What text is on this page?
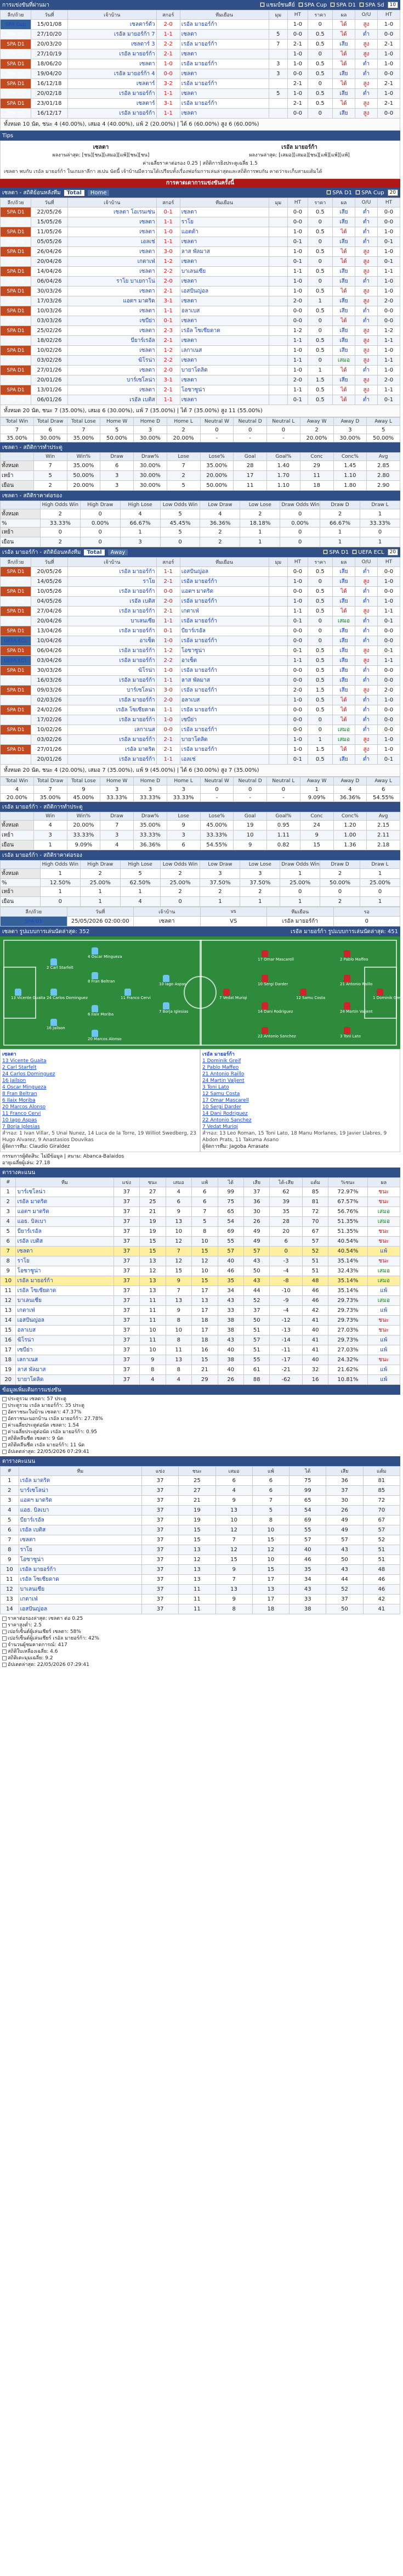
การแข่งขันที่ผ่านมา	แชมป์ชนคีย์	SPA Cup	SPA D1	SPA Sd	10
ลีก/ถ้วย	วันที่	เจ้าบ้าน	สกอร์	ทีมเยือน	มุม	HT	ราคา	ผล	O/U	HT
SPA Cup	15/01/08	เซลตาร์ตัว	2-0	เรอัล มายอร์ก้า		1-0	0	ได้	สูง	1-0
SPA D1	27/10/20	เรอัล มายอร์ก้า 7	1-1	เซลตา	5	0-0	0.5	ได้	ต่ำ	0-0
SPA D1	20/03/20	เซลตาร์ 3	2-2	เรอัล มายอร์ก้า	7	2-1	0.5	เสีย	สูง	2-1
SPA D1	27/10/19	เรอัล มายอร์ก้า	2-1	เซลตา		1-0	0	ได้	สูง	1-0
SPA D1	18/06/20	เซลตา	1-0	เรอัล มายอร์ก้า	3	1-0	0.5	ได้	ต่ำ	1-0
SPA D1	19/04/20	เรอัล มายอร์ก้า 4	0-0	เซลตา	3	0-0	0.5	เสีย	ต่ำ	0-0
SPA D1	16/12/18	เซลตาร์	3-2	เรอัล มายอร์ก้า		2-1	0	ได้	สูง	2-1
SPA D1	20/02/18	เรอัล มายอร์ก้า	1-1	เซลตา	5	1-0	0.5	เสีย	ต่ำ	1-0
SPA D1	23/01/18	เซลตาร์	3-1	เรอัล มายอร์ก้า		2-1	0.5	ได้	สูง	2-1
SPA D1	16/12/17	เรอัล มายอร์ก้า	1-1	เซลตา		0-0	0	เสีย	สูง	0-0
ทั้งหมด 10 นัด, ชนะ 4 (40.00%), เสมอ 4 (40.00%), แพ้ 2 (20.00%) | ได้ 6 (60.00%) สูง 6 (60.00%)
Tips
เซลตา
ผลงานล่าสุด: [ชน][ชน][เสมอ][แพ้][ชน][ชน]
เรอัล มายอร์ก้า
ผลงานล่าสุด: [เสมอ][เสมอ][ชน][แพ้][แพ้][แพ้]
ค่าเฉลี่ยราคาต่อรอง 0.25 | สถิติการยิงประตูเฉลี่ย 1.5
เซลตา พบกับ เรอัล มายอร์ก้า ในเกมลาลีกา สเปน นัดนี้ เจ้าบ้านมีความได้เปรียบทั้งเรื่องฟอร์มการเล่นล่าสุดและสถิติการพบกัน คาดว่าจะเก็บสามแต้มได้
การคาดเดาการแข่งขันครั้งนี้
เซลตา - สถิติย้อนหลังทีม	Total	Home	SPA D1	SPA Cup	20
ลีก/ถ้วย	วันที่	เจ้าบ้าน	สกอร์	ทีมเยือน	มุม	HT	ราคา	ผล	O/U	HT
SPA D1	22/05/26	เซลตา โอเรนเซ่น	0-1	เซลตา		0-0	0.5	เสีย	ต่ำ	0-0
SPA D1	15/05/26	เซลตา	1-1	ราโย		0-0	0	เสีย	ต่ำ	0-0
SPA D1	11/05/26	เซลตา	1-0	แอตต้า		1-0	0.5	ได้	ต่ำ	1-0
SPA D1	05/05/26	เอลเช่	1-1	เซลตา		0-1	0	เสีย	ต่ำ	0-1
SPA D1	26/04/26	เซลตา	3-0	ลาส พัลมาส		1-0	0.5	ได้	สูง	1-0
SPA D1	20/04/26	เกตาเฟ่	1-2	เซลตา		0-1	0	ได้	สูง	0-1
SPA D1	14/04/26	เซลตา	2-2	บาเลนเซีย		1-1	0.5	เสีย	สูง	1-1
SPA D1	06/04/26	ราโย บาเยกาโน่	2-0	เซลตา		1-0	0	เสีย	ต่ำ	1-0
SPA D1	30/03/26	เซลตา	2-1	เอสปันญ่อล		1-0	0.5	ได้	สูง	1-0
SPA D1	17/03/26	แอตฯ มาดริด	3-1	เซลตา		2-0	1	เสีย	สูง	2-0
SPA D1	10/03/26	เซลตา	1-1	อลาเบส		0-0	0.5	เสีย	ต่ำ	0-0
SPA D1	03/03/26	เซบีย่า	0-1	เซลตา		0-0	0	ได้	ต่ำ	0-0
SPA D1	25/02/26	เซลตา	2-3	เรอัล โซเซียดาด		1-2	0	เสีย	สูง	1-2
SPA D1	18/02/26	บียาร์เรอัล	2-1	เซลตา		1-1	0.5	เสีย	สูง	1-1
SPA D1	10/02/26	เซลตา	1-2	เลกาเนส		1-0	0.5	เสีย	สูง	1-0
SPA D1	03/02/26	ฆิโรน่า	2-2	เซลตา		1-1	0	เสมอ	สูง	1-1
SPA D1	27/01/26	เซลตา	2-0	บายาโดลิด		1-0	1	ได้	ต่ำ	1-0
SPA D1	20/01/26	บาร์เซโลน่า	3-1	เซลตา		2-0	1.5	เสีย	สูง	2-0
SPA D1	13/01/26	เซลตา	2-1	โอซาซูน่า		1-1	0.5	ได้	สูง	1-1
SPA D1	06/01/26	เรอัล เบติส	1-1	เซลตา		0-1	0.5	ได้	ต่ำ	0-1
ทั้งหมด 20 นัด, ชนะ 7 (35.00%), เสมอ 6 (30.00%), แพ้ 7 (35.00%) | ได้ 7 (35.00%) สูง 11 (55.00%)
Total Win	Total Draw	Total Lose	Home W	Home D	Home L	Neutral W	Neutral D	Neutral L	Away W	Away D	Away L
7	6	7	5	3	2	0	0	0	2	3	5
35.00%	30.00%	35.00%	50.00%	30.00%	20.00%	-	-	-	20.00%	30.00%	50.00%
เซลตา - สถิติการทำประตู
	Win	Win%	Draw	Draw%	Lose	Lose%	Goal	Goal%	Conc	Conc%	Avg
ทั้งหมด	7	35.00%	6	30.00%	7	35.00%	28	1.40	29	1.45	2.85
เหย้า	5	50.00%	3	30.00%	2	20.00%	17	1.70	11	1.10	2.80
เยือน	2	20.00%	3	30.00%	5	50.00%	11	1.10	18	1.80	2.90
เซลตา - สถิติราคาต่อรอง
	High Odds Win	High Draw	High Lose	Low Odds Win	Low Draw	Low Lose	Draw Odds Win	Draw D	Draw L
ทั้งหมด	2	0	4	5	4	2	0	2	1
%	33.33%	0.00%	66.67%	45.45%	36.36%	18.18%	0.00%	66.67%	33.33%
เหย้า	0	0	1	5	2	1	0	1	0
เยือน	2	0	3	0	2	1	0	1	1
เรอัล มายอร์ก้า - สถิติย้อนหลังทีม	Total	Away	SPA D1	UEFA ECL	20
ลีก/ถ้วย	วันที่	เจ้าบ้าน	สกอร์	ทีมเยือน	มุม	HT	ราคา	ผล	O/U	HT
SPA D1	20/05/26	เรอัล มายอร์ก้า	1-1	เอสปันญ่อล		0-0	0.5	เสีย	ต่ำ	0-0
SPA D1	14/05/26	ราโย	2-1	เรอัล มายอร์ก้า		1-0	0	เสีย	สูง	1-0
SPA D1	10/05/26	เรอัล มายอร์ก้า	0-0	แอตฯ มาดริด		0-0	0.5	ได้	ต่ำ	0-0
SPA D1	04/05/26	เรอัล เบติส	2-0	เรอัล มายอร์ก้า		1-0	0.5	เสีย	ต่ำ	1-0
SPA D1	27/04/26	เรอัล มายอร์ก้า	2-1	เกตาเฟ่		1-1	0.5	ได้	สูง	1-1
SPA D1	20/04/26	บาเลนเซีย	1-1	เรอัล มายอร์ก้า		0-1	0	เสมอ	ต่ำ	0-1
SPA D1	13/04/26	เรอัล มายอร์ก้า	0-1	บียาร์เรอัล		0-0	0	เสีย	ต่ำ	0-0
UEFA ECL	10/04/26	อาเซ็ด	1-0	เรอัล มายอร์ก้า		0-0	0	เสีย	ต่ำ	0-0
SPA D1	06/04/26	เรอัล มายอร์ก้า	1-2	โอซาซูน่า		0-1	0.5	เสีย	สูง	0-1
UEFA ECL	03/04/26	เรอัล มายอร์ก้า	2-2	อาเซ็ด		1-1	0.5	เสีย	สูง	1-1
SPA D1	30/03/26	ฆิโรน่า	1-0	เรอัล มายอร์ก้า		0-0	0.5	เสีย	ต่ำ	0-0
SPA D1	16/03/26	เรอัล มายอร์ก้า	1-1	ลาส พัลมาส		0-0	0.5	เสีย	ต่ำ	0-0
SPA D1	09/03/26	บาร์เซโลน่า	3-0	เรอัล มายอร์ก้า		2-0	1.5	เสีย	สูง	2-0
SPA D1	02/03/26	เรอัล มายอร์ก้า	2-0	อลาเบส		1-0	0.5	ได้	ต่ำ	1-0
SPA D1	24/02/26	เรอัล โซเซียดาด	1-1	เรอัล มายอร์ก้า		0-0	0.5	ได้	ต่ำ	0-0
SPA D1	17/02/26	เรอัล มายอร์ก้า	1-0	เซบีย่า		0-0	0	ได้	ต่ำ	0-0
SPA D1	10/02/26	เลกาเนส	0-0	เรอัล มายอร์ก้า		0-0	0	เสมอ	ต่ำ	0-0
SPA D1	03/02/26	เรอัล มายอร์ก้า	2-1	บายาโดลิด		1-0	1	เสมอ	สูง	1-0
SPA D1	27/01/26	เรอัล มาดริด	2-1	เรอัล มายอร์ก้า		1-0	1.5	ได้	สูง	1-0
SPA D1	20/01/26	เรอัล มายอร์ก้า	1-1	เอลเช่		0-1	0.5	เสีย	ต่ำ	0-1
ทั้งหมด 20 นัด, ชนะ 4 (20.00%), เสมอ 7 (35.00%), แพ้ 9 (45.00%) | ได้ 6 (30.00%) สูง 7 (35.00%)
Total Win	Total Draw	Total Lose	Home W	Home D	Home L	Neutral W	Neutral D	Neutral L	Away W	Away D	Away L
4	7	9	3	3	3	0	0	0	1	4	6
20.00%	35.00%	45.00%	33.33%	33.33%	33.33%	-	-	-	9.09%	36.36%	54.55%
เรอัล มายอร์ก้า - สถิติการทำประตู
	Win	Win%	Draw	Draw%	Lose	Lose%	Goal	Goal%	Conc	Conc%	Avg
ทั้งหมด	4	20.00%	7	35.00%	9	45.00%	19	0.95	24	1.20	2.15
เหย้า	3	33.33%	3	33.33%	3	33.33%	10	1.11	9	1.00	2.11
เยือน	1	9.09%	4	36.36%	6	54.55%	9	0.82	15	1.36	2.18
เรอัล มายอร์ก้า - สถิติราคาต่อรอง
	High Odds Win	High Draw	High Lose	Low Odds Win	Low Draw	Low Lose	Draw Odds Win	Draw D	Draw L
ทั้งหมด	1	2	5	2	3	3	1	2	1
%	12.50%	25.00%	62.50%	25.00%	37.50%	37.50%	25.00%	50.00%	25.00%
เหย้า	1	1	1	2	2	2	0	0	0
เยือน	0	1	4	0	1	1	1	2	1
ลีก/ถ้วย	วันที่	เจ้าบ้าน	vs	ทีมเยือน	รอ
SPA D1	25/05/2026 02:00:00	เซลตา	VS	เรอัล มายอร์ก้า	0
เซลตา รูปแบบการเล่นนัดล่าสุด: 352	เรอัล มายอร์ก้า รูปแบบการเล่นนัดล่าสุด: 451
13 Vicente Guaita
2 Carl Starfelt
24 Carlos Dominguez
16 Jailson
4 Oscar Mingueza
8 Fran Beltran
6 Ilaix Moriba
20 Marcos Alonso
11 Franco Cervi
10 Iago Aspas
7 Borja Iglesias
1 Dominik Greif
2 Pablo Maffeo
21 Antonio Raillo
24 Martin Valjent
3 Toni Lato
12 Samu Costa
17 Omar Mascarell
10 Sergi Darder
14 Dani Rodriguez
22 Antonio Sanchez
7 Vedat Muriqi
เซลตา
13 Vicente Guaita
2 Carl Starfelt
24 Carlos Dominguez
16 Jailson
4 Oscar Mingueza
8 Fran Beltran
6 Ilaix Moriba
20 Marcos Alonso
11 Franco Cervi
10 Iago Aspas
7 Borja Iglesias
สำรอง: 1 Ivan Villar, 5 Unai Nunez, 14 Luca de la Torre, 19 Williot Swedberg, 23 Hugo Alvarez, 9 Anastasios Douvikas
ผู้จัดการทีม: Claudio Giraldez
เรอัล มายอร์ก้า
1 Dominik Greif
2 Pablo Maffeo
21 Antonio Raillo
24 Martin Valjent
3 Toni Lato
12 Samu Costa
17 Omar Mascarell
10 Sergi Darder
14 Dani Rodriguez
22 Antonio Sanchez
7 Vedat Muriqi
สำรอง: 13 Leo Roman, 15 Toni Lato, 18 Manu Morlanes, 19 Javier Llabres, 9 Abdon Prats, 11 Takuma Asano
ผู้จัดการทีม: Jagoba Arrasate
กรรมการผู้ตัดสิน: ไม่มีข้อมูล | สนาม: Abanca-Balaidos
อายุเฉลี่ยผู้เล่น: 27.18
ตารางคะแนน
#	ทีม	แข่ง	ชนะ	เสมอ	แพ้	ได้	เสีย	ได้-เสีย	แต้ม	%ชนะ	ผล
1	บาร์เซโลน่า	37	27	4	6	99	37	62	85	72.97%	ชนะ
2	เรอัล มาดริด	37	25	6	6	75	36	39	81	67.57%	ชนะ
3	แอตฯ มาดริด	37	21	9	7	65	30	35	72	56.76%	เสมอ
4	แอธ. บิลเบา	37	19	13	5	54	26	28	70	51.35%	เสมอ
5	บียาร์เรอัล	37	19	10	8	69	49	20	67	51.35%	ชนะ
6	เรอัล เบติส	37	15	12	10	55	49	6	57	40.54%	ชนะ
7	เซลตา	37	15	7	15	57	57	0	52	40.54%	แพ้
8	ราโย	37	13	12	12	40	43	-3	51	35.14%	ชนะ
9	โอซาซูน่า	37	12	15	10	46	50	-4	51	32.43%	เสมอ
10	เรอัล มายอร์ก้า	37	13	9	15	35	43	-8	48	35.14%	เสมอ
11	เรอัล โซเซียดาด	37	13	7	17	34	44	-10	46	35.14%	แพ้
12	บาเลนเซีย	37	11	13	13	43	52	-9	46	29.73%	เสมอ
13	เกตาเฟ่	37	11	9	17	33	37	-4	42	29.73%	แพ้
14	เอสปันญ่อล	37	11	8	18	38	50	-12	41	29.73%	ชนะ
15	อลาเบส	37	10	10	17	38	51	-13	40	27.03%	ชนะ
16	ฆิโรน่า	37	11	8	18	43	57	-14	41	29.73%	แพ้
17	เซบีย่า	37	10	11	16	40	51	-11	41	27.03%	แพ้
18	เลกาเนส	37	9	13	15	38	55	-17	40	24.32%	ชนะ
19	ลาส พัลมาส	37	8	8	21	40	61	-21	32	21.62%	แพ้
20	บายาโดลิด	37	4	4	29	26	88	-62	16	10.81%	แพ้
ข้อมูลเพิ่มเติมการแข่งขัน
ประตูรวม เซลตา: 57 ประตู
ประตูรวม เรอัล มายอร์ก้า: 35 ประตู
อัตราชนะในบ้าน เซลตา: 47.37%
อัตราชนะนอกบ้าน เรอัล มายอร์ก้า: 27.78%
ค่าเฉลี่ยประตูต่อนัด เซลตา: 1.54
ค่าเฉลี่ยประตูต่อนัด เรอัล มายอร์ก้า: 0.95
สถิติคลีนชีต เซลตา: 9 นัด
สถิติคลีนชีต เรอัล มายอร์ก้า: 11 นัด
อัปเดตล่าสุด: 22/05/2026 07:29:41
ตารางคะแนน
#	ทีม	แข่ง	ชนะ	เสมอ	แพ้	ได้	เสีย	แต้ม
1	เรอัล มาดริด	37	25	6	6	75	36	81
2	บาร์เซโลน่า	37	27	4	6	99	37	85
3	แอตฯ มาดริด	37	21	9	7	65	30	72
4	แอธ. บิลเบา	37	19	13	5	54	26	70
5	บียาร์เรอัล	37	19	10	8	69	49	67
6	เรอัล เบติส	37	15	12	10	55	49	57
7	เซลตา	37	15	7	15	57	57	52
8	ราโย	37	13	12	12	40	43	51
9	โอซาซูน่า	37	12	15	10	46	50	51
10	เรอัล มายอร์ก้า	37	13	9	15	35	43	48
11	เรอัล โซเซียดาด	37	13	7	17	34	44	46
12	บาเลนเซีย	37	11	13	13	43	52	46
13	เกตาเฟ่	37	11	9	17	33	37	42
14	เอสปันญ่อล	37	11	8	18	38	50	41
ราคาต่อรองล่าสุด: เซลตา ต่อ 0.25
ราคาสูงต่ำ: 2.5
เปอร์เซ็นต์ผู้เล่นเชียร์ เซลตา: 58%
เปอร์เซ็นต์ผู้เล่นเชียร์ เรอัล มายอร์ก้า: 42%
จำนวนผู้ชมคาดการณ์: 417
สถิติใบเหลืองเฉลี่ย: 4.6
สถิติเตะมุมเฉลี่ย: 9.2
อัปเดตล่าสุด: 22/05/2026 07:29:41
